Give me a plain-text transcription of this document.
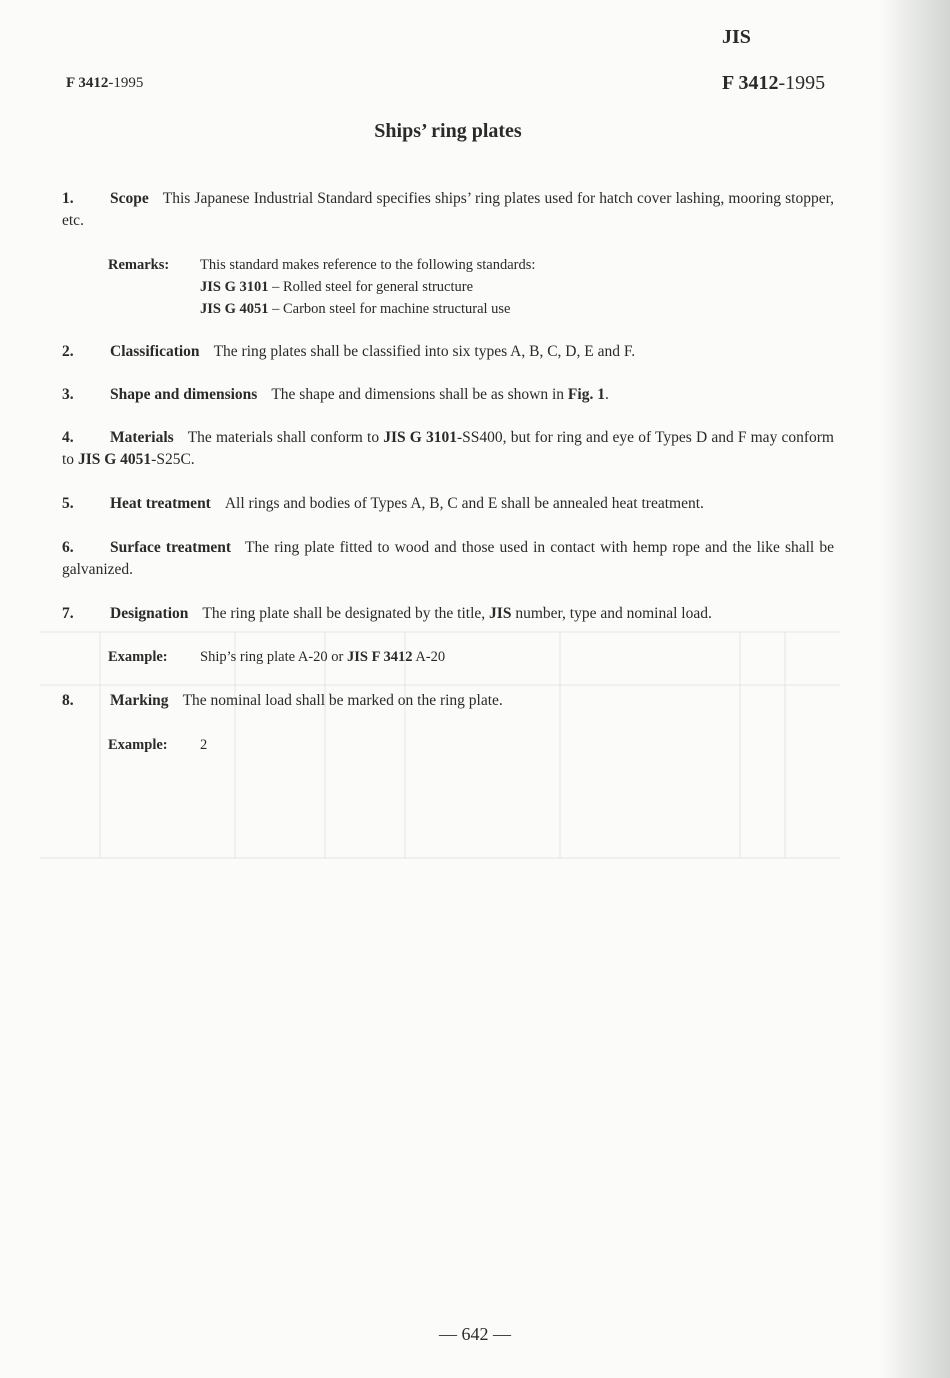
F 3412-1995
JIS
F 3412-1995
Ships’ ring plates
1. Scope This Japanese Industrial Standard specifies ships’ ring plates used for hatch cover lashing, mooring stopper, etc.
Remarks: This standard makes reference to the following standards:
JIS G 3101 – Rolled steel for general structure
JIS G 4051 – Carbon steel for machine structural use
2. Classification The ring plates shall be classified into six types A, B, C, D, E and F.
3. Shape and dimensions The shape and dimensions shall be as shown in Fig. 1.
4. Materials The materials shall conform to JIS G 3101-SS400, but for ring and eye of Types D and F may conform to JIS G 4051-S25C.
5. Heat treatment All rings and bodies of Types A, B, C and E shall be annealed heat treatment.
6. Surface treatment The ring plate fitted to wood and those used in contact with hemp rope and the like shall be galvanized.
7. Designation The ring plate shall be designated by the title, JIS number, type and nominal load.
Example: Ship’s ring plate A-20 or JIS F 3412 A-20
8. Marking The nominal load shall be marked on the ring plate.
Example: 2
— 642 —
